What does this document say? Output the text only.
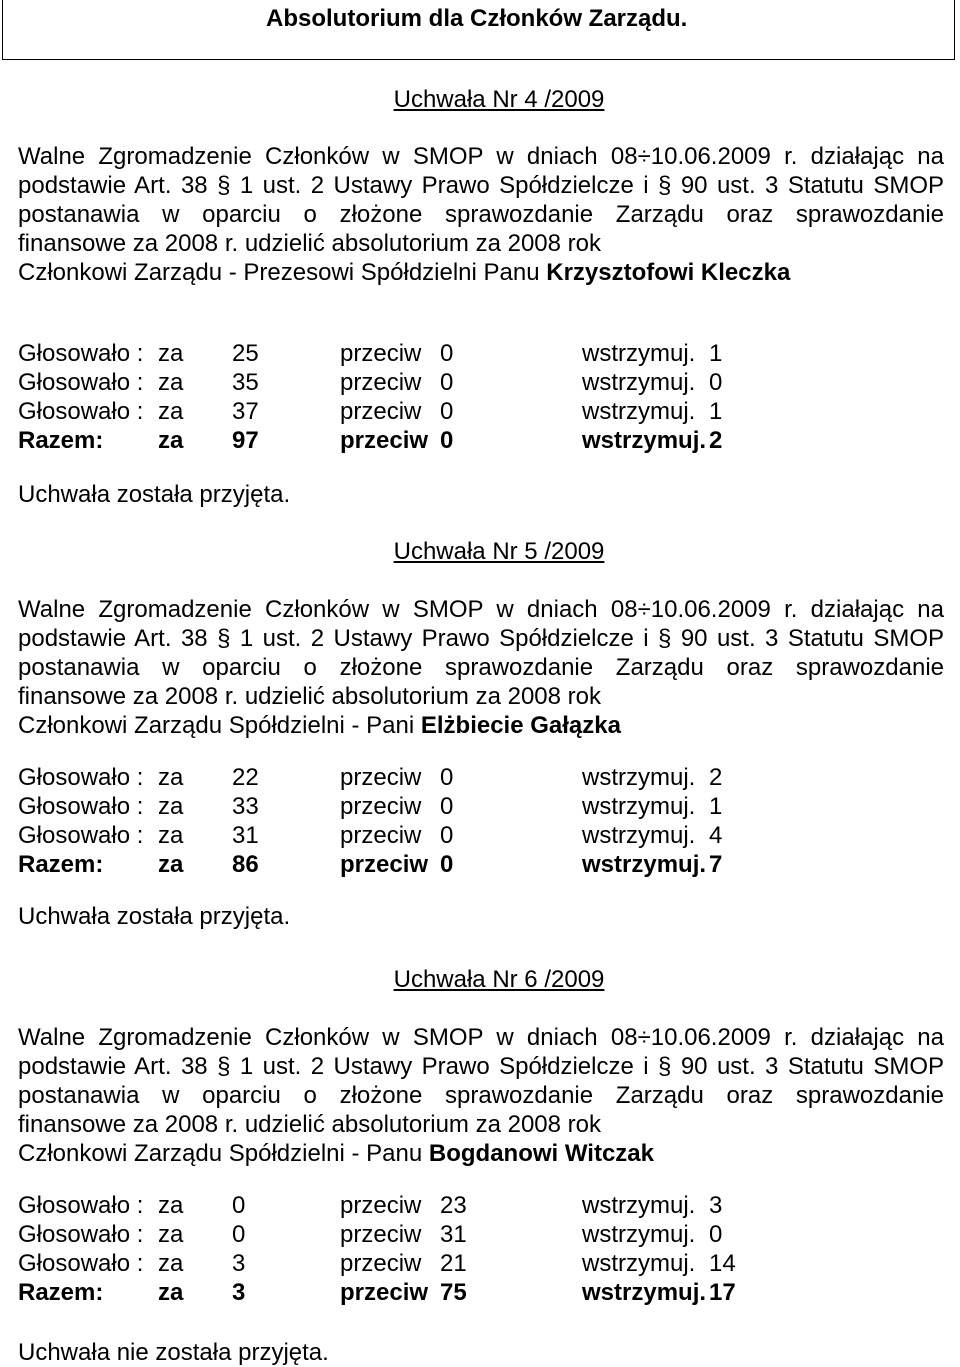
Absolutorium dla Członków Zarządu.
Uchwała Nr 4 /2009
Walne Zgromadzenie Członków w SMOP w dniach 08÷10.06.2009 r. działając na
podstawie Art. 38 § 1 ust. 2 Ustawy Prawo Spółdzielcze i § 90 ust. 3 Statutu SMOP
postanawia w oparciu o złożone sprawozdanie Zarządu oraz sprawozdanie
finansowe za 2008 r. udzielić absolutorium za 2008 rok
Członkowi Zarządu - Prezesowi Spółdzielni Panu Krzysztofowi Kleczka
Głosowało :	za	25	przeciw	0	wstrzymuj.	1
Głosowało :	za	35	przeciw	0	wstrzymuj.	0
Głosowało :	za	37	przeciw	0	wstrzymuj.	1
Razem:	za	97	przeciw	0	wstrzymuj.	2
Uchwała została przyjęta.
Uchwała Nr 5 /2009
Walne Zgromadzenie Członków w SMOP w dniach 08÷10.06.2009 r. działając na
podstawie Art. 38 § 1 ust. 2 Ustawy Prawo Spółdzielcze i § 90 ust. 3 Statutu SMOP
postanawia w oparciu o złożone sprawozdanie Zarządu oraz sprawozdanie
finansowe za 2008 r. udzielić absolutorium za 2008 rok
Członkowi Zarządu Spółdzielni - Pani Elżbiecie Gałązka
Głosowało :	za	22	przeciw	0	wstrzymuj.	2
Głosowało :	za	33	przeciw	0	wstrzymuj.	1
Głosowało :	za	31	przeciw	0	wstrzymuj.	4
Razem:	za	86	przeciw	0	wstrzymuj.	7
Uchwała została przyjęta.
Uchwała Nr 6 /2009
Walne Zgromadzenie Członków w SMOP w dniach 08÷10.06.2009 r. działając na
podstawie Art. 38 § 1 ust. 2 Ustawy Prawo Spółdzielcze i § 90 ust. 3 Statutu SMOP
postanawia w oparciu o złożone sprawozdanie Zarządu oraz sprawozdanie
finansowe za 2008 r. udzielić absolutorium za 2008 rok
Członkowi Zarządu Spółdzielni - Panu Bogdanowi Witczak
Głosowało :	za	0	przeciw	23	wstrzymuj.	3
Głosowało :	za	0	przeciw	31	wstrzymuj.	0
Głosowało :	za	3	przeciw	21	wstrzymuj.	14
Razem:	za	3	przeciw	75	wstrzymuj.	17
Uchwała nie została przyjęta.
